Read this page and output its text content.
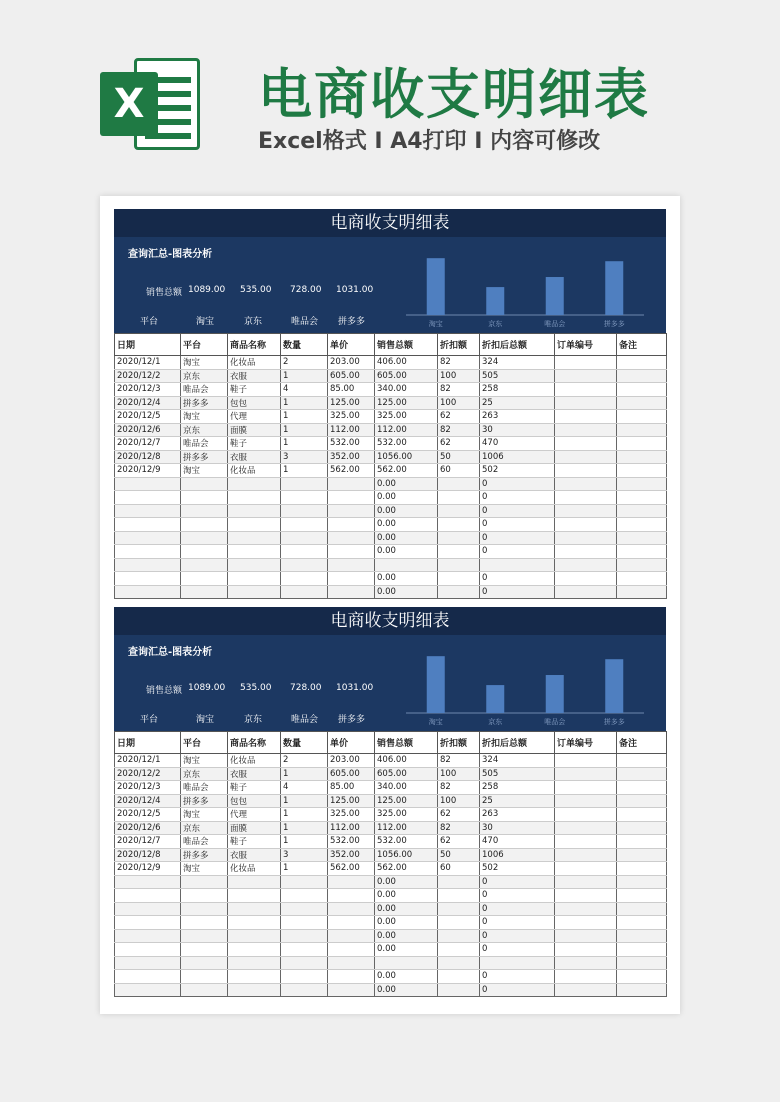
X 电商收支明细表
Excel格式 I A4打印 I 内容可修改
电商收支明细表
查询汇总-图表分析
销售总额 1089.00 535.00 728.00 1031.00
平台	淘宝	京东	唯品会 拼多多	淘宝	京东	唯品会	拼多多
日期	平台	商品名称	数量	单价	销售总额	折扣额	折扣后总额	订单编号	备注
2020/12/1	淘宝	化妆品	2	203.00	406.00	82	324		
2020/12/2	京东	衣服	1	605.00	605.00	100	505		
2020/12/3	唯品会	鞋子	4	85.00	340.00	82	258		
2020/12/4	拼多多	包包	1	125.00	125.00	100	25		
2020/12/5	淘宝	代理	1	325.00	325.00	62	263		
2020/12/6	京东	面膜	1	112.00	112.00	82	30		
2020/12/7	唯品会	鞋子	1	532.00	532.00	62	470		
2020/12/8	拼多多	衣服	3	352.00	1056.00	50	1006		
2020/12/9	淘宝	化妆品	1	562.00	562.00	60	502		
					0.00		0		
					0.00		0		
					0.00		0		
					0.00		0		
					0.00		0		
					0.00		0		

					0.00		0		
					0.00		0		
电商收支明细表
查询汇总-图表分析
销售总额 1089.00 535.00 728.00 1031.00
平台	淘宝	京东	唯品会 拼多多	淘宝	京东	唯品会	拼多多
日期	平台	商品名称	数量	单价	销售总额	折扣额	折扣后总额	订单编号	备注
2020/12/1	淘宝	化妆品	2	203.00	406.00	82	324		
2020/12/2	京东	衣服	1	605.00	605.00	100	505		
2020/12/3	唯品会	鞋子	4	85.00	340.00	82	258		
2020/12/4	拼多多	包包	1	125.00	125.00	100	25		
2020/12/5	淘宝	代理	1	325.00	325.00	62	263		
2020/12/6	京东	面膜	1	112.00	112.00	82	30		
2020/12/7	唯品会	鞋子	1	532.00	532.00	62	470		
2020/12/8	拼多多	衣服	3	352.00	1056.00	50	1006		
2020/12/9	淘宝	化妆品	1	562.00	562.00	60	502		
					0.00		0		
					0.00		0		
					0.00		0		
					0.00		0		
					0.00		0		
					0.00		0		

					0.00		0		
					0.00		0		
